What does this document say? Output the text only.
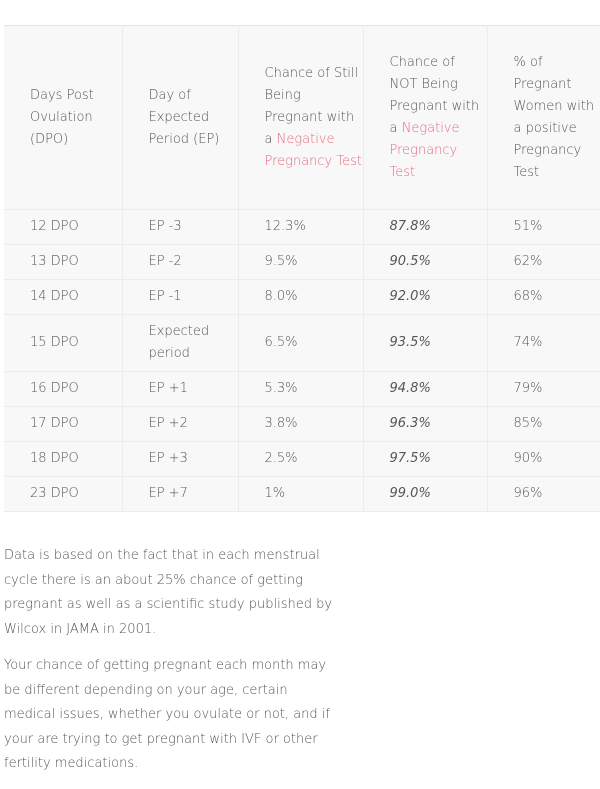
Days Post Ovulation (DPO)	Day of Expected Period (EP)	Chance of Still Being Pregnant with a Negative Pregnancy Test	Chance of NOT Being Pregnant with a Negative Pregnancy Test	% of Pregnant Women with a positive Pregnancy Test
12 DPO	EP -3	12.3%	87.8%	51%
13 DPO	EP -2	9.5%	90.5%	62%
14 DPO	EP -1	8.0%	92.0%	68%
15 DPO	Expected period	6.5%	93.5%	74%
16 DPO	EP +1	5.3%	94.8%	79%
17 DPO	EP +2	3.8%	96.3%	85%
18 DPO	EP +3	2.5%	97.5%	90%
23 DPO	EP +7	1%	99.0%	96%

Data is based on the fact that in each menstrual cycle there is an about 25% chance of getting pregnant as well as a scientific study published by Wilcox in JAMA in 2001.

Your chance of getting pregnant each month may be different depending on your age, certain medical issues, whether you ovulate or not, and if your are trying to get pregnant with IVF or other fertility medications.
